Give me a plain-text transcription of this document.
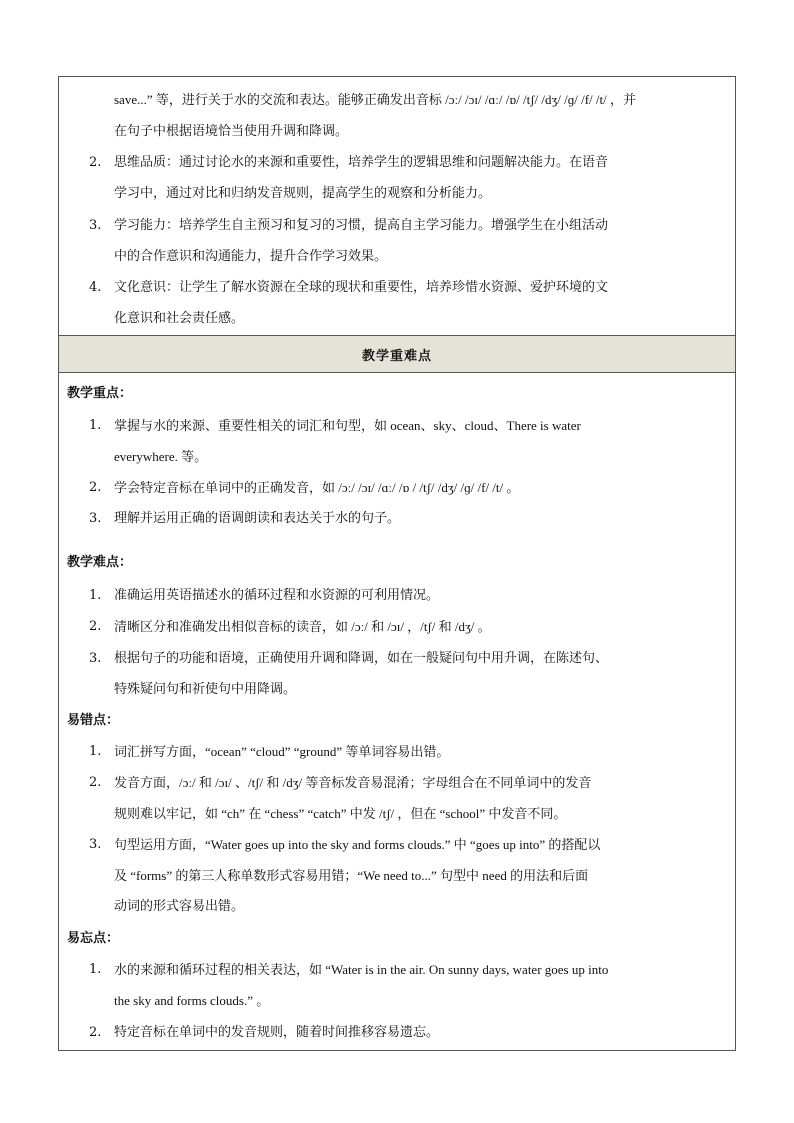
save...” 等，进行关于水的交流和表达。能够正确发出音标 /ɔː/ /ɔɪ/ /ɑː/ /ɒ/ /tʃ/ /dʒ/ /ɡ/ /f/ /t/ ，并
在句子中根据语境恰当使用升调和降调。
2. 思维品质：通过讨论水的来源和重要性，培养学生的逻辑思维和问题解决能力。在语音
学习中，通过对比和归纳发音规则，提高学生的观察和分析能力。
3. 学习能力：培养学生自主预习和复习的习惯，提高自主学习能力。增强学生在小组活动
中的合作意识和沟通能力，提升合作学习效果。
4. 文化意识：让学生了解水资源在全球的现状和重要性，培养珍惜水资源、爱护环境的文
化意识和社会责任感。
教学重难点
教学重点：
1. 掌握与水的来源、重要性相关的词汇和句型，如 ocean、sky、cloud、There is water
everywhere. 等。
2. 学会特定音标在单词中的正确发音，如 /ɔː/ /ɔɪ/ /ɑː/ /ɒ / /tʃ/ /dʒ/ /ɡ/ /f/ /t/ 。
3. 理解并运用正确的语调朗读和表达关于水的句子。
教学难点：
1. 准确运用英语描述水的循环过程和水资源的可利用情况。
2. 清晰区分和准确发出相似音标的读音，如 /ɔː/ 和 /ɔɪ/ ，/tʃ/ 和 /dʒ/ 。
3. 根据句子的功能和语境，正确使用升调和降调，如在一般疑问句中用升调，在陈述句、
特殊疑问句和祈使句中用降调。
易错点：
1. 词汇拼写方面，“ocean” “cloud” “ground” 等单词容易出错。
2. 发音方面，/ɔː/ 和 /ɔɪ/ 、/tʃ/ 和 /dʒ/ 等音标发音易混淆；字母组合在不同单词中的发音
规则难以牢记，如 “ch” 在 “chess” “catch” 中发 /tʃ/ ，但在 “school” 中发音不同。
3. 句型运用方面，“Water goes up into the sky and forms clouds.” 中 “goes up into” 的搭配以
及 “forms” 的第三人称单数形式容易用错；“We need to...” 句型中 need 的用法和后面
动词的形式容易出错。
易忘点：
1. 水的来源和循环过程的相关表达，如 “Water is in the air. On sunny days, water goes up into
the sky and forms clouds.” 。
2. 特定音标在单词中的发音规则，随着时间推移容易遗忘。
